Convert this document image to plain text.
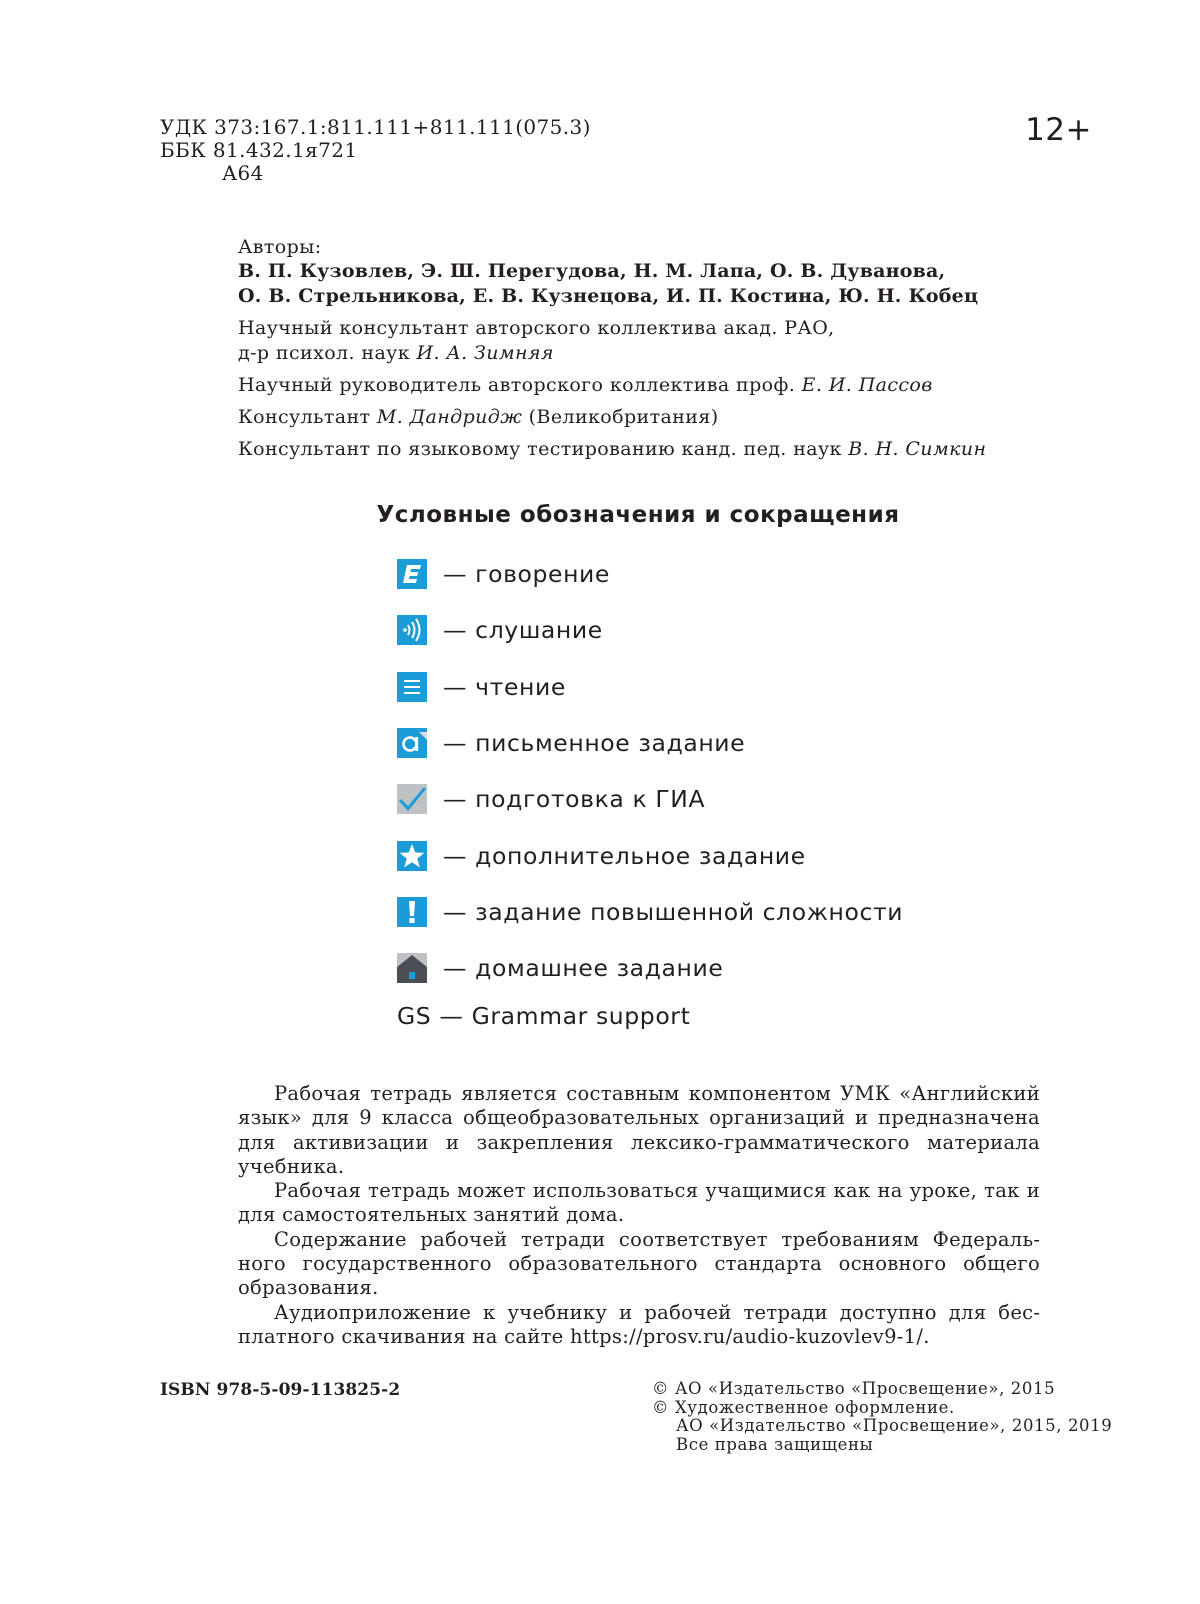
УДК 373:167.1:811.111+811.111(075.3)
ББК 81.432.1я721
А64
12+
Авторы:
В. П. Кузовлев, Э. Ш. Перегудова, Н. М. Лапа, О. В. Дуванова,
О. В. Стрельникова, Е. В. Кузнецова, И. П. Костина, Ю. Н. Кобец
Научный консультант авторского коллектива акад. РАО,
д-р психол. наук И. А. Зимняя
Научный руководитель авторского коллектива проф. Е. И. Пассов
Консультант М. Дандридж (Великобритания)
Консультант по языковому тестированию канд. пед. наук В. Н. Симкин
Условные обозначения и сокращения
— говорение
— слушание
— чтение
— письменное задание
— подготовка к ГИА
— дополнительное задание
— задание повышенной сложности
— домашнее задание
GS — Grammar support

Рабочая тетрадь является составным компонентом УМК «Английский язык» для 9 класса общеобразовательных организаций и предназначена для активизации и закрепления лексико-грамматического материала учебника.

Рабочая тетрадь может использоваться учащимися как на уроке, так и для самостоятельных занятий дома.

Содержание рабочей тетради соответствует требованиям Федерального государственного образовательного стандарта основного общего образования.

Аудиоприложение к учебнику и рабочей тетради доступно для бесплатного скачивания на сайте https://prosv.ru/audio-kuzovlev9-1/.

ISBN 978-5-09-113825-2	© АО «Издательство «Просвещение», 2015
© Художественное оформление.
АО «Издательство «Просвещение», 2015, 2019
Все права защищены
